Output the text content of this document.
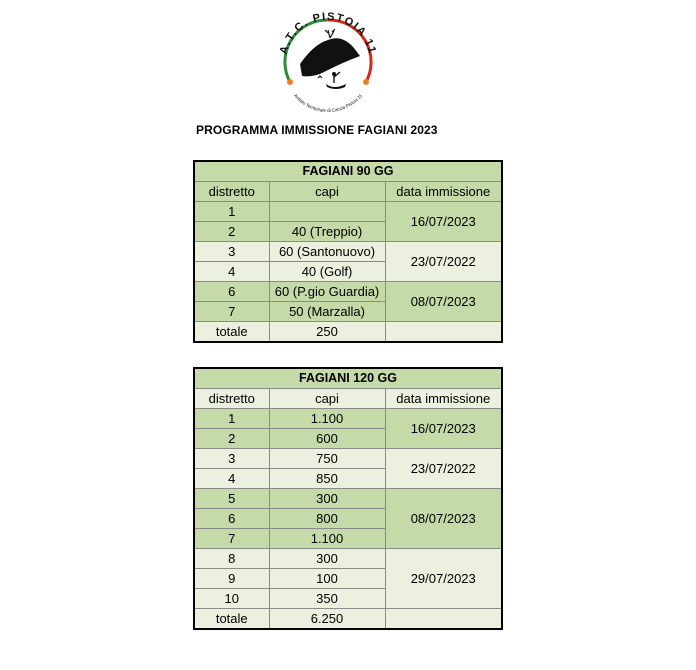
A.T.C. PISTOIA 11
Ambito Territoriale di Caccia Pistoia 11
PROGRAMMA IMMISSIONE FAGIANI 2023
FAGIANI 90 GG		
distretto	capi	data immissione
1		16/07/2023
2	40 (Treppio)	
3	60 (Santonuovo)	23/07/2022
4	40 (Golf)	
6	60 (P.gio Guardia)	08/07/2023
7	50 (Marzalla)	
totale	250	
FAGIANI 120 GG		
distretto	capi	data immissione
1	1.100	16/07/2023
2	600	
3	750	23/07/2022
4	850	
5	300	08/07/2023
6	800	
7	1.100	
8	300	29/07/2023
9	100	
10	350	
totale	6.250	
